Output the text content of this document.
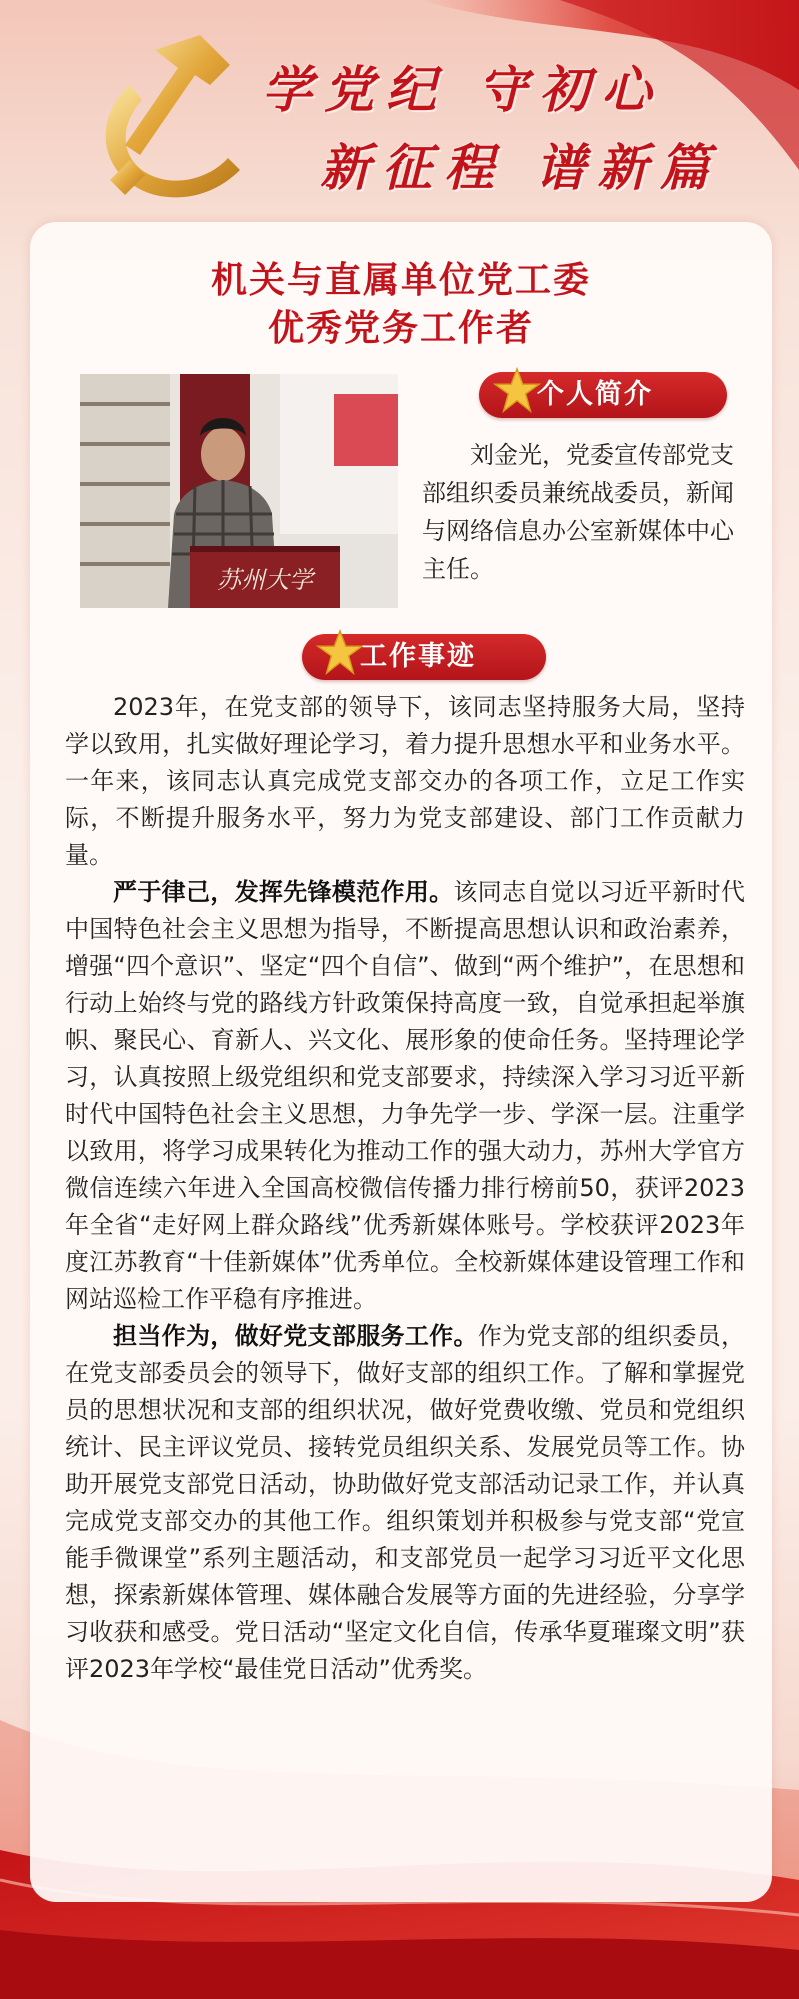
学党纪 守初心
新征程 谱新篇
机关与直属单位党工委
优秀党务工作者
苏州大学
个人简介

刘金光，党委宣传部党支部组织委员兼统战委员，新闻与网络信息办公室新媒体中心主任。

工作事迹

2023年，在党支部的领导下，该同志坚持服务大局，坚持学以致用，扎实做好理论学习，着力提升思想水平和业务水平。一年来，该同志认真完成党支部交办的各项工作，立足工作实际，不断提升服务水平，努力为党支部建设、部门工作贡献力量。

严于律己，发挥先锋模范作用。该同志自觉以习近平新时代中国特色社会主义思想为指导，不断提高思想认识和政治素养，增强“四个意识”、坚定“四个自信”、做到“两个维护”，在思想和行动上始终与党的路线方针政策保持高度一致，自觉承担起举旗帜、聚民心、育新人、兴文化、展形象的使命任务。坚持理论学习，认真按照上级党组织和党支部要求，持续深入学习习近平新时代中国特色社会主义思想，力争先学一步、学深一层。注重学以致用，将学习成果转化为推动工作的强大动力，苏州大学官方微信连续六年进入全国高校微信传播力排行榜前50，获评2023年全省“走好网上群众路线”优秀新媒体账号。学校获评2023年度江苏教育“十佳新媒体”优秀单位。全校新媒体建设管理工作和网站巡检工作平稳有序推进。

担当作为，做好党支部服务工作。作为党支部的组织委员，在党支部委员会的领导下，做好支部的组织工作。了解和掌握党员的思想状况和支部的组织状况，做好党费收缴、党员和党组织统计、民主评议党员、接转党员组织关系、发展党员等工作。协助开展党支部党日活动，协助做好党支部活动记录工作，并认真完成党支部交办的其他工作。组织策划并积极参与党支部“党宣能手微课堂”系列主题活动，和支部党员一起学习习近平文化思想，探索新媒体管理、媒体融合发展等方面的先进经验，分享学习收获和感受。党日活动“坚定文化自信，传承华夏璀璨文明”获评2023年学校“最佳党日活动”优秀奖。
